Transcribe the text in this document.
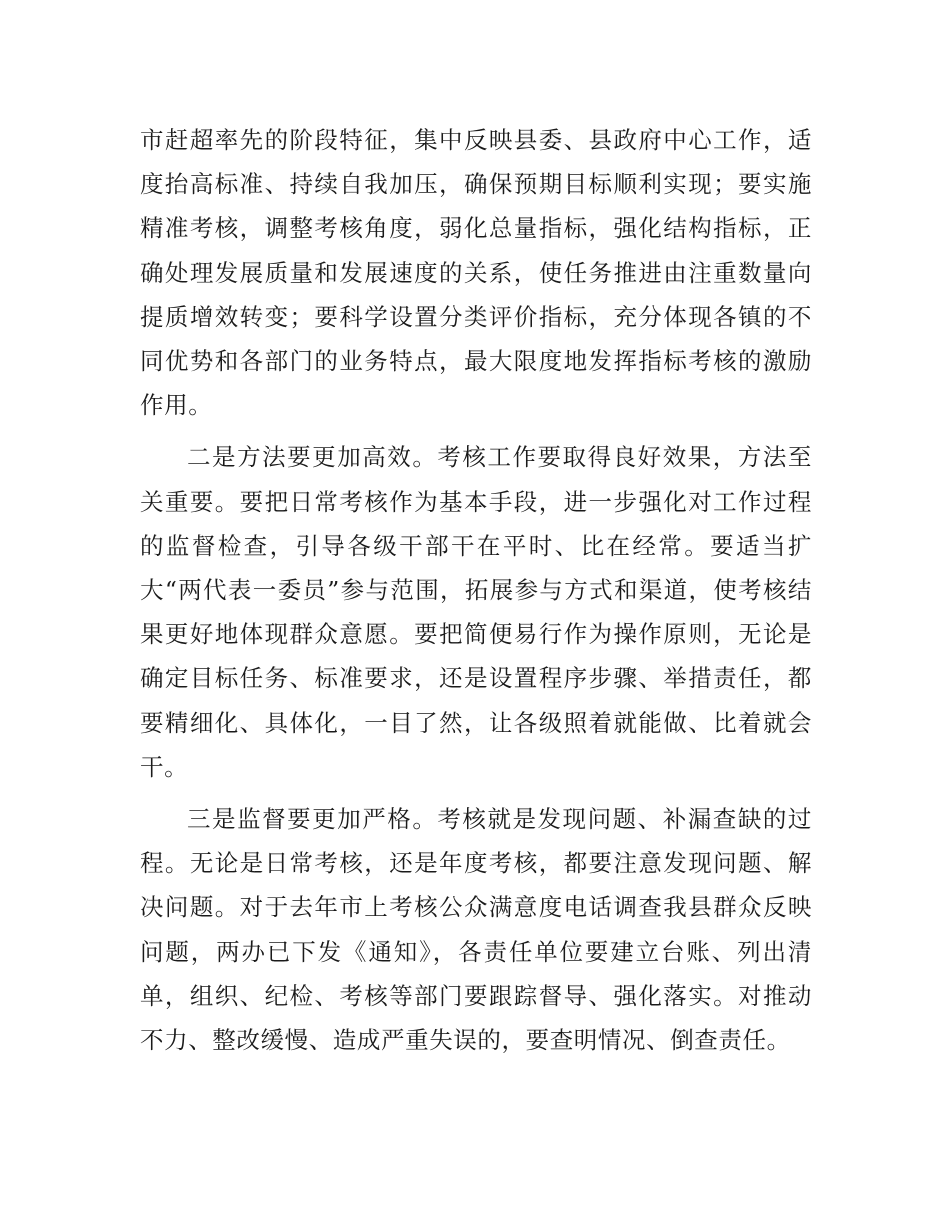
市赶超率先的阶段特征，集中反映县委、县政府中心工作，适度抬高标准、持续自我加压，确保预期目标顺利实现；要实施精准考核，调整考核角度，弱化总量指标，强化结构指标，正确处理发展质量和发展速度的关系，使任务推进由注重数量向提质增效转变；要科学设置分类评价指标，充分体现各镇的不同优势和各部门的业务特点，最大限度地发挥指标考核的激励作用。

二是方法要更加高效。考核工作要取得良好效果，方法至关重要。要把日常考核作为基本手段，进一步强化对工作过程的监督检查，引导各级干部干在平时、比在经常。要适当扩大“两代表一委员”参与范围，拓展参与方式和渠道，使考核结果更好地体现群众意愿。要把简便易行作为操作原则，无论是确定目标任务、标准要求，还是设置程序步骤、举措责任，都要精细化、具体化，一目了然，让各级照着就能做、比着就会干。

三是监督要更加严格。考核就是发现问题、补漏查缺的过程。无论是日常考核，还是年度考核，都要注意发现问题、解决问题。对于去年市上考核公众满意度电话调查我县群众反映问题，两办已下发《通知》，各责任单位要建立台账、列出清单，组织、纪检、考核等部门要跟踪督导、强化落实。对推动不力、整改缓慢、造成严重失误的，要查明情况、倒查责任。
